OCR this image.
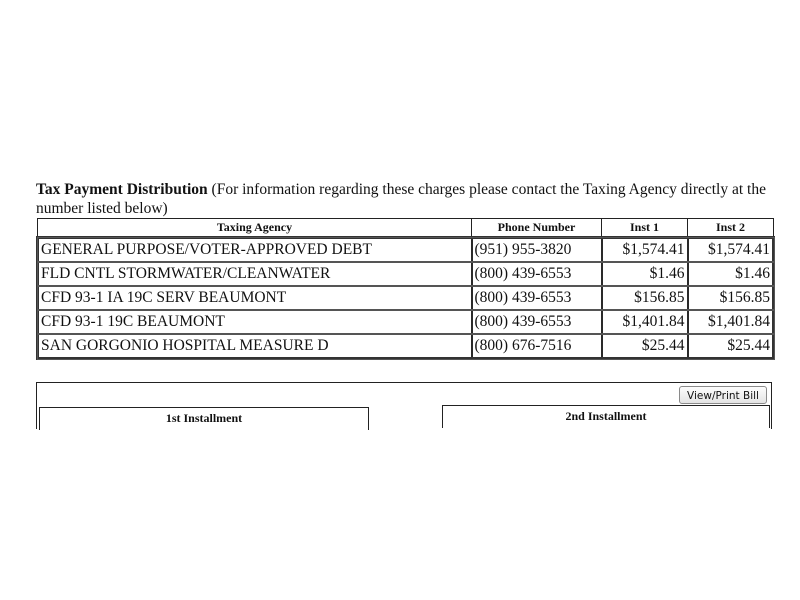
Tax Payment Distribution (For information regarding these charges please contact the Taxing Agency directly at the number listed below)
Taxing Agency	Phone Number	Inst 1	Inst 2
GENERAL PURPOSE/VOTER-APPROVED DEBT	(951) 955-3820	$1,574.41	$1,574.41
FLD CNTL STORMWATER/CLEANWATER	(800) 439-6553	$1.46	$1.46
CFD 93-1 IA 19C SERV BEAUMONT	(800) 439-6553	$156.85	$156.85
CFD 93-1 19C BEAUMONT	(800) 439-6553	$1,401.84	$1,401.84
SAN GORGONIO HOSPITAL MEASURE D	(800) 676-7516	$25.44	$25.44
View/Print Bill
1st Installment	2nd Installment
